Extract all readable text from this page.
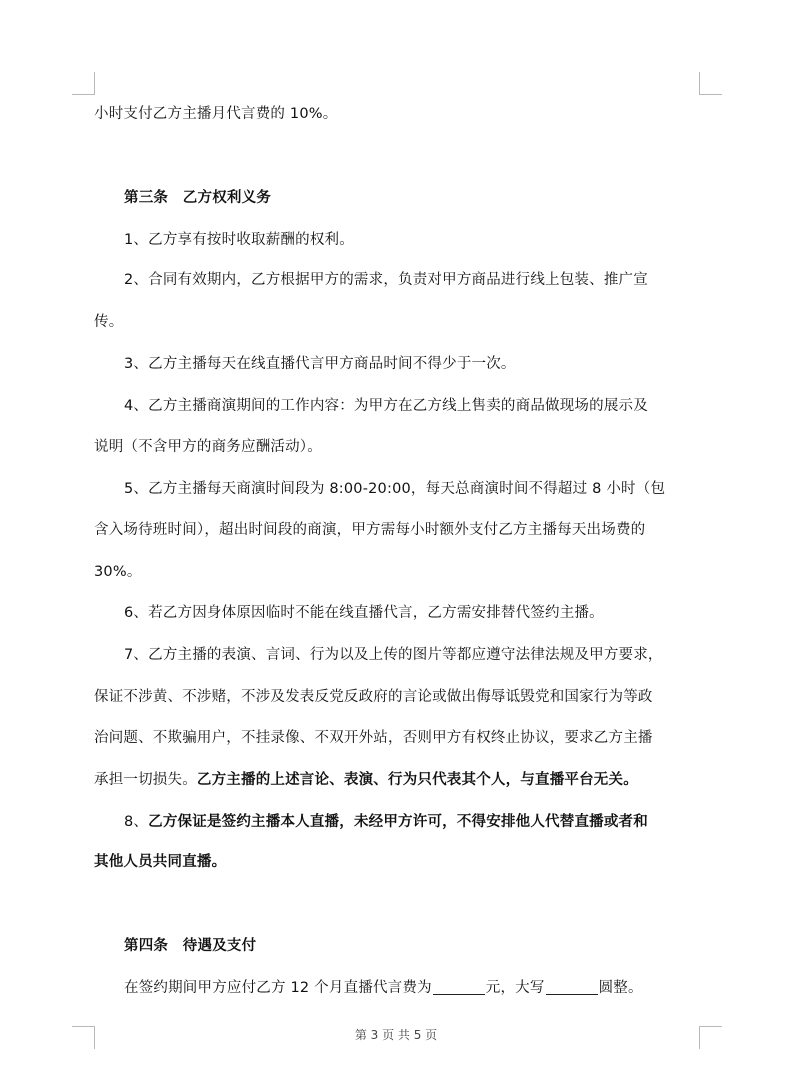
小时支付乙方主播月代言费的 10%。
第三条　乙方权利义务
1、乙方享有按时收取薪酬的权利。
2、合同有效期内，乙方根据甲方的需求，负责对甲方商品进行线上包装、推广宣
传。
3、乙方主播每天在线直播代言甲方商品时间不得少于一次。
4、乙方主播商演期间的工作内容：为甲方在乙方线上售卖的商品做现场的展示及
说明（不含甲方的商务应酬活动）。
5、乙方主播每天商演时间段为 8:00-20:00，每天总商演时间不得超过 8 小时（包
含入场待班时间），超出时间段的商演，甲方需每小时额外支付乙方主播每天出场费的
30%。
6、若乙方因身体原因临时不能在线直播代言，乙方需安排替代签约主播。
7、乙方主播的表演、言词、行为以及上传的图片等都应遵守法律法规及甲方要求，
保证不涉黄、不涉赌，不涉及发表反党反政府的言论或做出侮辱诋毁党和国家行为等政
治问题、不欺骗用户，不挂录像、不双开外站，否则甲方有权终止协议，要求乙方主播
承担一切损失。乙方主播的上述言论、表演、行为只代表其个人，与直播平台无关。
8、乙方保证是签约主播本人直播，未经甲方许可，不得安排他人代替直播或者和
其他人员共同直播。
第四条　待遇及支付
在签约期间甲方应付乙方 12 个月直播代言费为	元，大写	圆整。
第 3 页 共 5 页
